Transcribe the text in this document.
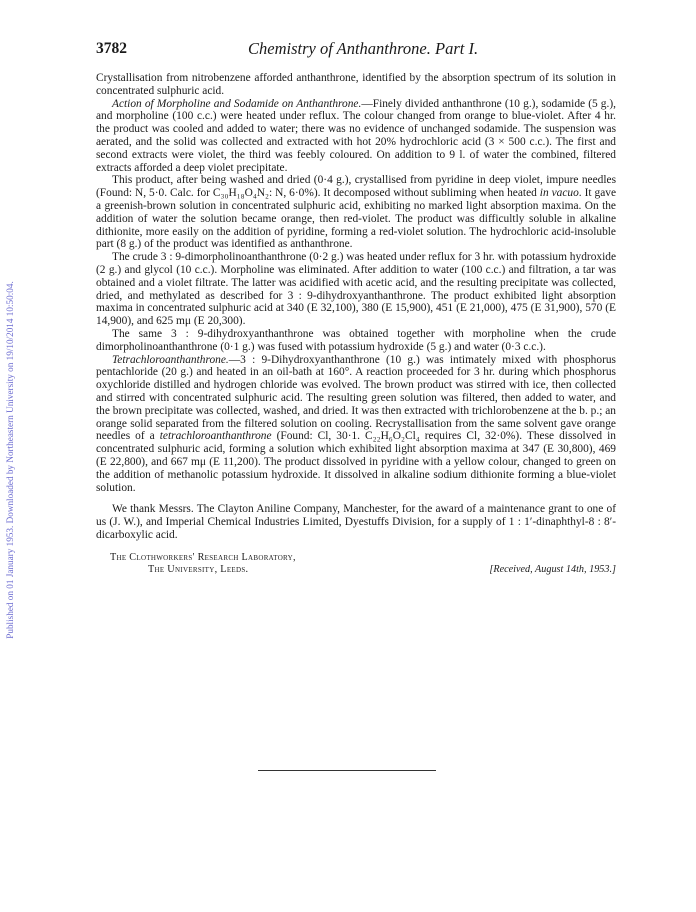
Published on 01 January 1953. Downloaded by Northeastern University on 19/10/2014 10:50:04.
3782	Chemistry of Anthanthrone. Part I.

Crystallisation from nitrobenzene afforded anthanthrone, identified by the absorption spectrum of its solution in concentrated sulphuric acid.

Action of Morpholine and Sodamide on Anthanthrone.—Finely divided anthanthrone (10 g.), sodamide (5 g.), and morpholine (100 c.c.) were heated under reflux. The colour changed from orange to blue-violet. After 4 hr. the product was cooled and added to water; there was no evidence of unchanged sodamide. The suspension was aerated, and the solid was collected and extracted with hot 20% hydrochloric acid (3 × 500 c.c.). The first and second extracts were violet, the third was feebly coloured. On addition to 9 l. of water the combined, filtered extracts afforded a deep violet precipitate.

This product, after being washed and dried (0·4 g.), crystallised from pyridine in deep violet, impure needles (Found: N, 5·0. Calc. for C₃₀H₁₈O₄N₂: N, 6·0%). It decomposed without subliming when heated in vacuo. It gave a greenish-brown solution in concentrated sulphuric acid, exhibiting no marked light absorption maxima. On the addition of water the solution became orange, then red-violet. The product was difficultly soluble in alkaline dithionite, more easily on the addition of pyridine, forming a red-violet solution. The hydrochloric acid-insoluble part (8 g.) of the product was identified as anthanthrone.

The crude 3 : 9-dimorpholinoanthanthrone (0·2 g.) was heated under reflux for 3 hr. with potassium hydroxide (2 g.) and glycol (10 c.c.). Morpholine was eliminated. After addition to water (100 c.c.) and filtration, a tar was obtained and a violet filtrate. The latter was acidified with acetic acid, and the resulting precipitate was collected, dried, and methylated as described for 3 : 9-dihydroxyanthanthrone. The product exhibited light absorption maxima in concentrated sulphuric acid at 340 (E 32,100), 380 (E 15,900), 451 (E 21,000), 475 (E 31,900), 570 (E 14,900), and 625 mμ (E 20,300).

The same 3 : 9-dihydroxyanthanthrone was obtained together with morpholine when the crude dimorpholinoanthanthrone (0·1 g.) was fused with potassium hydroxide (5 g.) and water (0·3 c.c.).

Tetrachloroanthanthrone.—3 : 9-Dihydroxyanthanthrone (10 g.) was intimately mixed with phosphorus pentachloride (20 g.) and heated in an oil-bath at 160°. A reaction proceeded for 3 hr. during which phosphorus oxychloride distilled and hydrogen chloride was evolved. The brown product was stirred with ice, then collected and stirred with concentrated sulphuric acid. The resulting green solution was filtered, then added to water, and the brown precipitate was collected, washed, and dried. It was then extracted with trichlorobenzene at the b. p.; an orange solid separated from the filtered solution on cooling. Recrystallisation from the same solvent gave orange needles of a tetrachloroanthanthrone (Found: Cl, 30·1. C₂₂H₆O₂Cl₄ requires Cl, 32·0%). These dissolved in concentrated sulphuric acid, forming a solution which exhibited light absorption maxima at 347 (E 30,800), 469 (E 22,800), and 667 mμ (E 11,200). The product dissolved in pyridine with a yellow colour, changed to green on the addition of methanolic potassium hydroxide. It dissolved in alkaline sodium dithionite forming a blue-violet solution.

We thank Messrs. The Clayton Aniline Company, Manchester, for the award of a maintenance grant to one of us (J. W.), and Imperial Chemical Industries Limited, Dyestuffs Division, for a supply of 1 : 1′-dinaphthyl-8 : 8′-dicarboxylic acid.

The Clothworkers' Research Laboratory,
The University, Leeds.	[Received, August 14th, 1953.]
